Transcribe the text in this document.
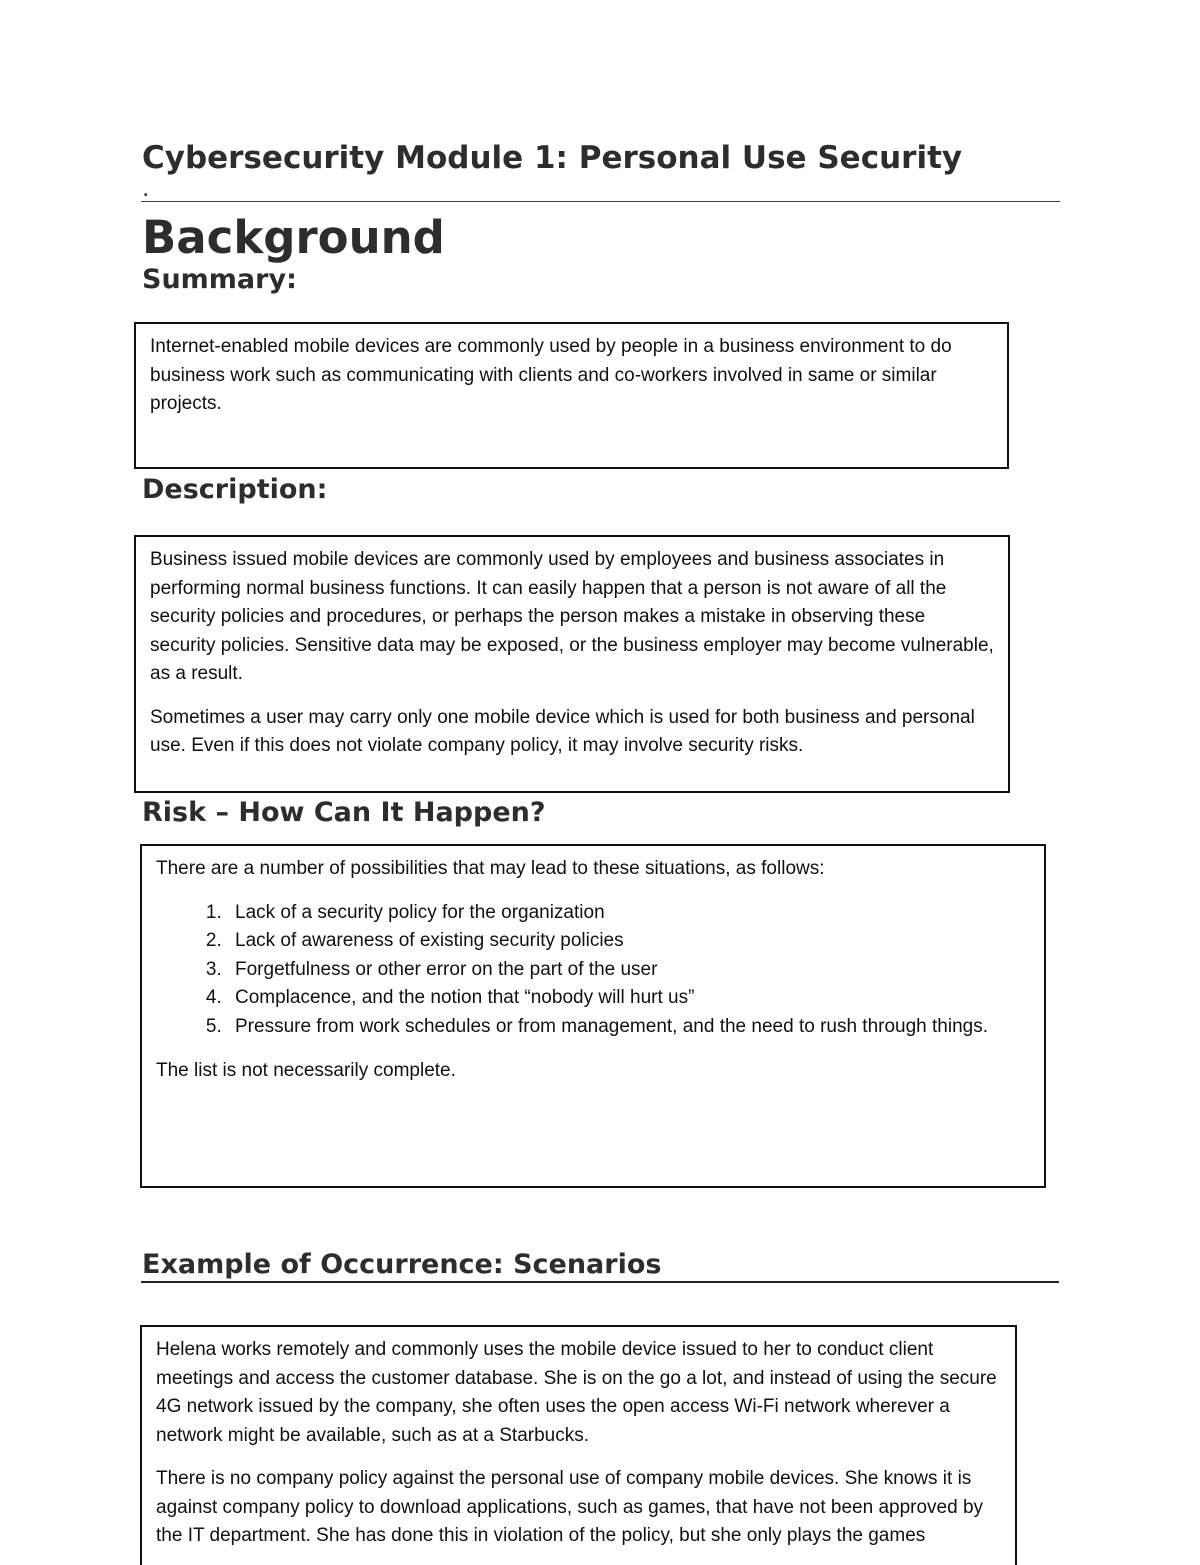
Cybersecurity Module 1: Personal Use Security
.
Background
Summary:

Internet-enabled mobile devices are commonly used by people in a business environment to do business work such as communicating with clients and co-workers involved in same or similar projects.

Description:

Business issued mobile devices are commonly used by employees and business associates in performing normal business functions. It can easily happen that a person is not aware of all the security policies and procedures, or perhaps the person makes a mistake in observing these security policies. Sensitive data may be exposed, or the business employer may become vulnerable, as a result.

Sometimes a user may carry only one mobile device which is used for both business and personal use. Even if this does not violate company policy, it may involve security risks.

Risk – How Can It Happen?

There are a number of possibilities that may lead to these situations, as follows:

1. Lack of a security policy for the organization
2. Lack of awareness of existing security policies
3. Forgetfulness or other error on the part of the user
4. Complacence, and the notion that “nobody will hurt us”
5. Pressure from work schedules or from management, and the need to rush through things.

The list is not necessarily complete.

Example of Occurrence: Scenarios

Helena works remotely and commonly uses the mobile device issued to her to conduct client meetings and access the customer database. She is on the go a lot, and instead of using the secure 4G network issued by the company, she often uses the open access Wi-Fi network wherever a network might be available, such as at a Starbucks.

There is no company policy against the personal use of company mobile devices. She knows it is against company policy to download applications, such as games, that have not been approved by the IT department. She has done this in violation of the policy, but she only plays the games
